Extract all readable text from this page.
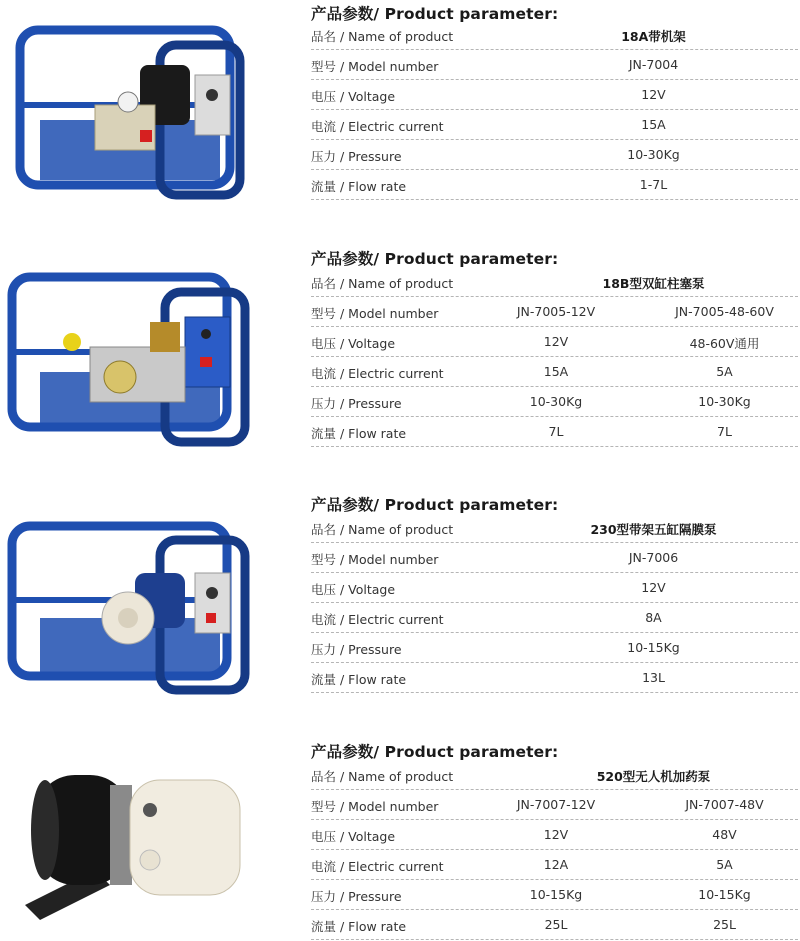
产品参数/ Product parameter:
品名 / Name of product	18A带机架
型号 / Model number	JN-7004
电压 / Voltage	12V
电流 / Electric current	15A
压力 / Pressure	10-30Kg
流量 / Flow rate	1-7L
产品参数/ Product parameter:
品名 / Name of product	18B型双缸柱塞泵
型号 / Model number	JN-7005-12V	JN-7005-48-60V
电压 / Voltage	12V	48-60V通用
电流 / Electric current	15A	5A
压力 / Pressure	10-30Kg	10-30Kg
流量 / Flow rate	7L	7L
产品参数/ Product parameter:
品名 / Name of product	230型带架五缸隔膜泵
型号 / Model number	JN-7006
电压 / Voltage	12V
电流 / Electric current	8A
压力 / Pressure	10-15Kg
流量 / Flow rate	13L
产品参数/ Product parameter:
品名 / Name of product	520型无人机加药泵
型号 / Model number	JN-7007-12V	JN-7007-48V
电压 / Voltage	12V	48V
电流 / Electric current	12A	5A
压力 / Pressure	10-15Kg	10-15Kg
流量 / Flow rate	25L	25L
